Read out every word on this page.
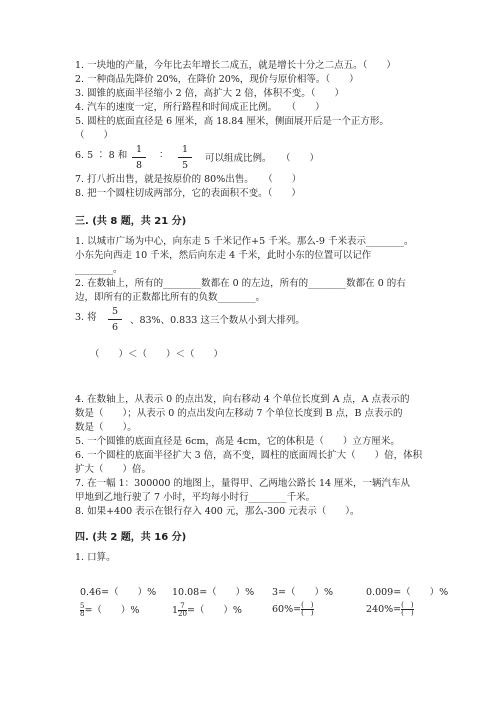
1. 一块地的产量，今年比去年增长二成五，就是增长十分之二点五。（　　）
2. 一种商品先降价 20%，在降价 20%，现价与原价相等。（　　）
3. 圆锥的底面半径缩小 2 倍，高扩大 2 倍，体积不变。（　　）
4. 汽车的速度一定，所行路程和时间成正比例。　　（　　）
5. 圆柱的底面直径是 6 厘米，高 18.84 厘米，侧面展开后是一个正方形。
（　　）
6. 5 ∶ 8 和
1
8
∶
1
5
可以组成比例。　　（　　）
7. 打八折出售，就是按原价的 80%出售。　　（　　）
8. 把一个圆柱切成两部分，它的表面积不变。（　　）
三. (共 8 题，共 21 分)
1. 以城市广场为中心，向东走 5 千米记作+5 千米。那么-9 千米表示________。
小东先向西走 10 千米，然后向东走 4 千米，此时小东的位置可以记作
________。
2. 在数轴上，所有的________数都在 0 的左边，所有的________数都在 0 的右
边，即所有的正数都比所有的负数________。
3. 将
5
6
、83%、0.833 这三个数从小到大排列。
（　　）＜（　　）＜（　　）
4. 在数轴上，从表示 0 的点出发，向右移动 4 个单位长度到 A 点，A 点表示的
数是（　　）；从表示 0 的点出发向左移动 7 个单位长度到 B 点，B 点表示的
数是（　　）。
5. 一个圆锥的底面直径是 6cm，高是 4cm，它的体积是（　　）立方厘米。
6. 一个圆柱的底面半径扩大 3 倍，高不变，圆柱的底面周长扩大（　　）倍，体积
扩大（　　）倍。
7. 在一幅 1：300000 的地图上，量得甲、乙两地公路长 14 厘米，一辆汽车从
甲地到乙地行驶了 7 小时，平均每小时行________千米。
8. 如果+400 表示在银行存入 400 元，那么-300 元表示（　　）。
四. (共 2 题，共 16 分)
1. 口算。
0.46=（　　）% 10.08=（　　）% 3=（　　）%	0.009=（　　）%
$\frac{5}{8}=$（　　）%	$1\frac{7}{20}=$（　　）%	$60\%=\frac{( )}{( )}$	$240\%=\frac{( )}{( )}$
